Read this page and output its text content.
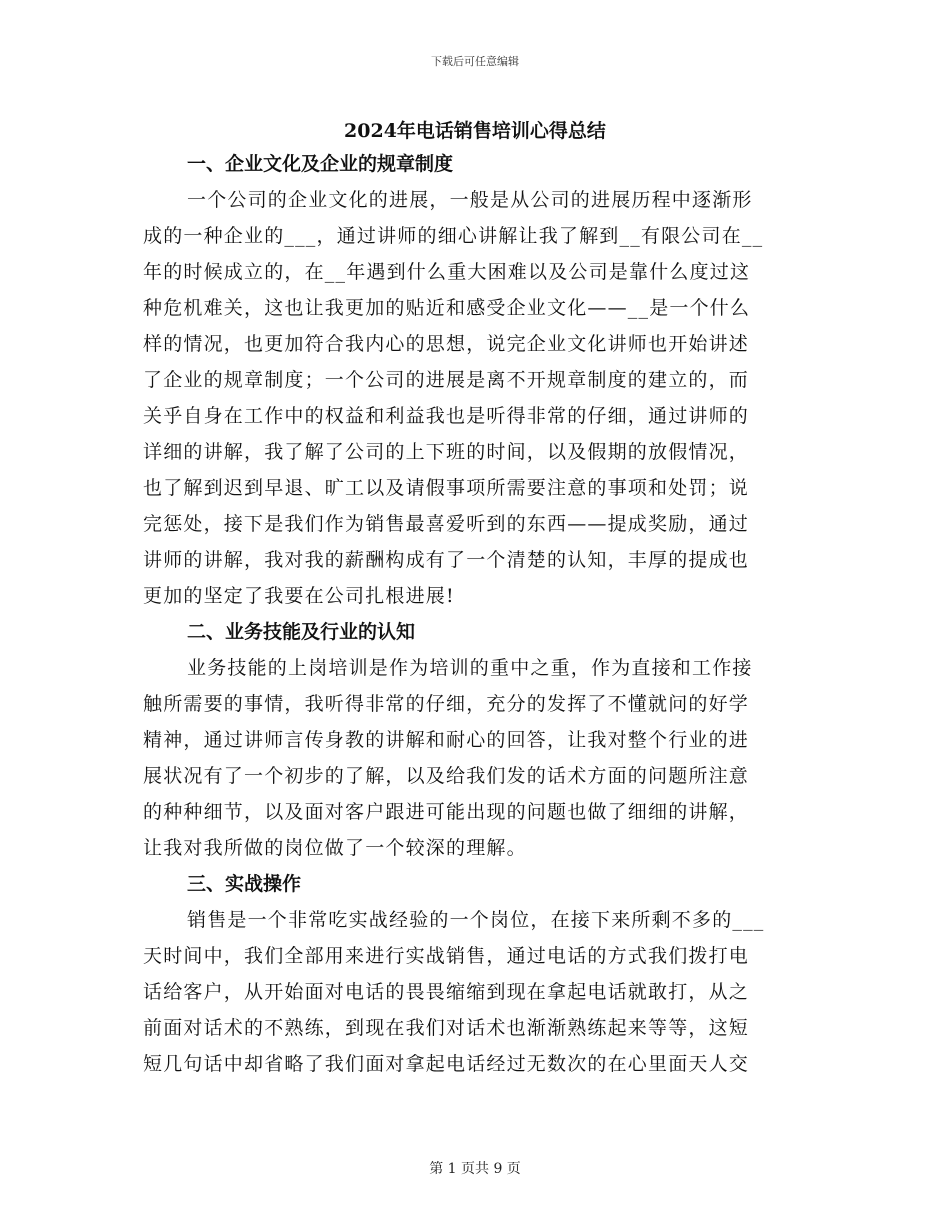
下载后可任意编辑
2024年电话销售培训心得总结
一、企业文化及企业的规章制度
一个公司的企业文化的进展，一般是从公司的进展历程中逐渐形
成的一种企业的___，通过讲师的细心讲解让我了解到__有限公司在__
年的时候成立的，在__年遇到什么重大困难以及公司是靠什么度过这
种危机难关，这也让我更加的贴近和感受企业文化——__是一个什么
样的情况，也更加符合我内心的思想，说完企业文化讲师也开始讲述
了企业的规章制度；一个公司的进展是离不开规章制度的建立的，而
关乎自身在工作中的权益和利益我也是听得非常的仔细，通过讲师的
详细的讲解，我了解了公司的上下班的时间，以及假期的放假情况，
也了解到迟到早退、旷工以及请假事项所需要注意的事项和处罚；说
完惩处，接下是我们作为销售最喜爱听到的东西——提成奖励，通过
讲师的讲解，我对我的薪酬构成有了一个清楚的认知，丰厚的提成也
更加的坚定了我要在公司扎根进展!
二、业务技能及行业的认知
业务技能的上岗培训是作为培训的重中之重，作为直接和工作接
触所需要的事情，我听得非常的仔细，充分的发挥了不懂就问的好学
精神，通过讲师言传身教的讲解和耐心的回答，让我对整个行业的进
展状况有了一个初步的了解，以及给我们发的话术方面的问题所注意
的种种细节，以及面对客户跟进可能出现的问题也做了细细的讲解，
让我对我所做的岗位做了一个较深的理解。
三、实战操作
销售是一个非常吃实战经验的一个岗位，在接下来所剩不多的___
天时间中，我们全部用来进行实战销售，通过电话的方式我们拨打电
话给客户，从开始面对电话的畏畏缩缩到现在拿起电话就敢打，从之
前面对话术的不熟练，到现在我们对话术也渐渐熟练起来等等，这短
短几句话中却省略了我们面对拿起电话经过无数次的在心里面天人交
第 1 页共 9 页
